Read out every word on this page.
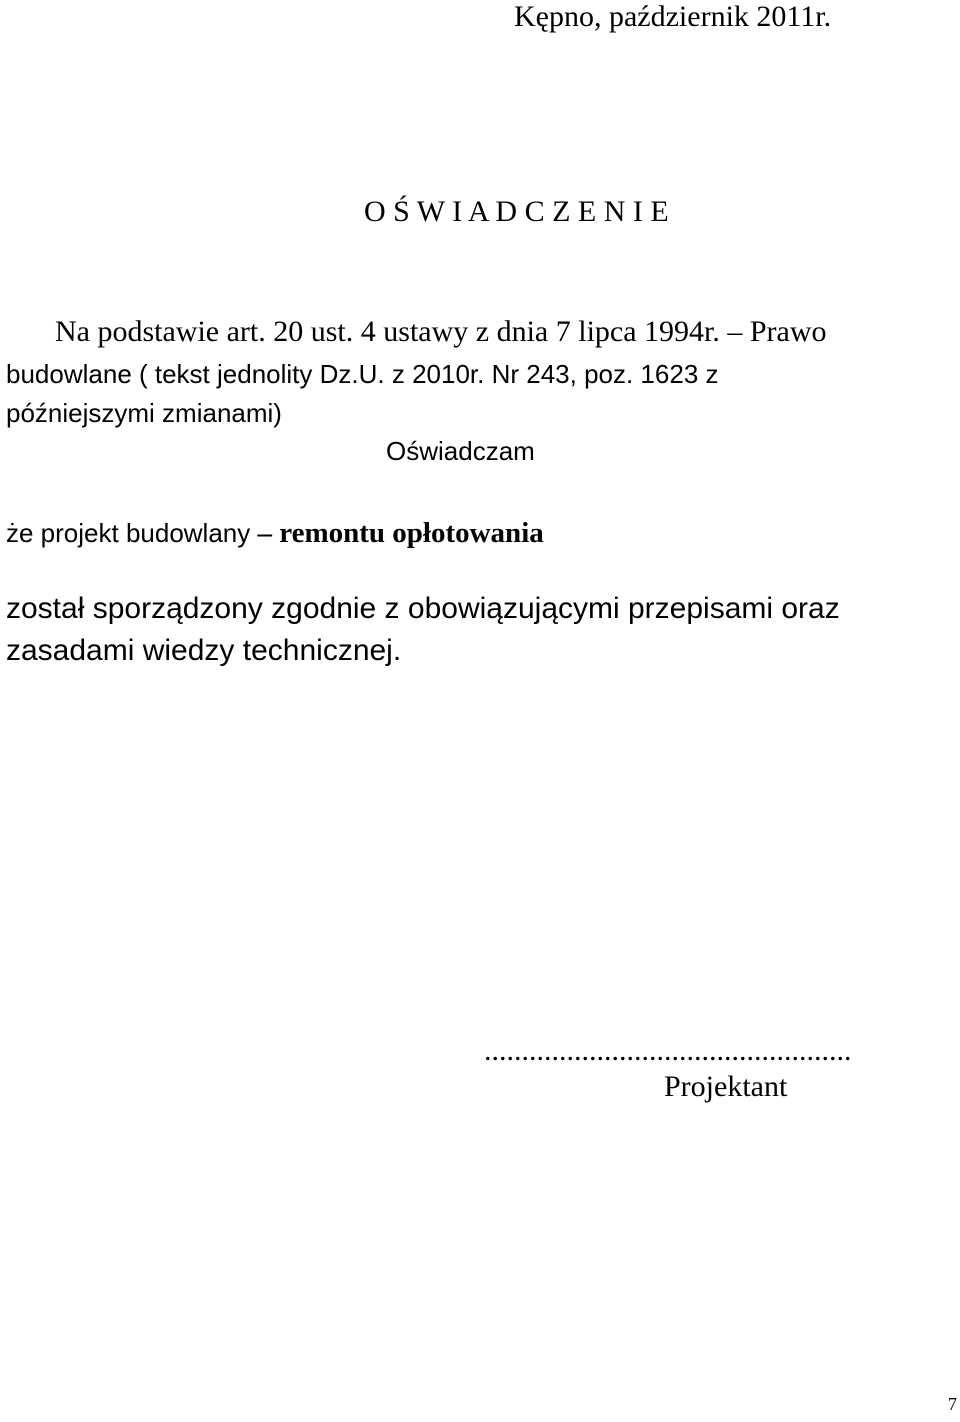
Kępno, październik 2011r.

O Ś W I A D C Z E N I E

Na podstawie art. 20 ust. 4 ustawy z dnia 7 lipca 1994r. – Prawo

budowlane ( tekst jednolity Dz.U. z 2010r. Nr 243, poz. 1623 z

późniejszymi zmianami)

Oświadczam

że projekt budowlany – remontu opłotowania

został sporządzony zgodnie z obowiązującymi przepisami oraz

zasadami wiedzy technicznej.

.................................................

Projektant

7
